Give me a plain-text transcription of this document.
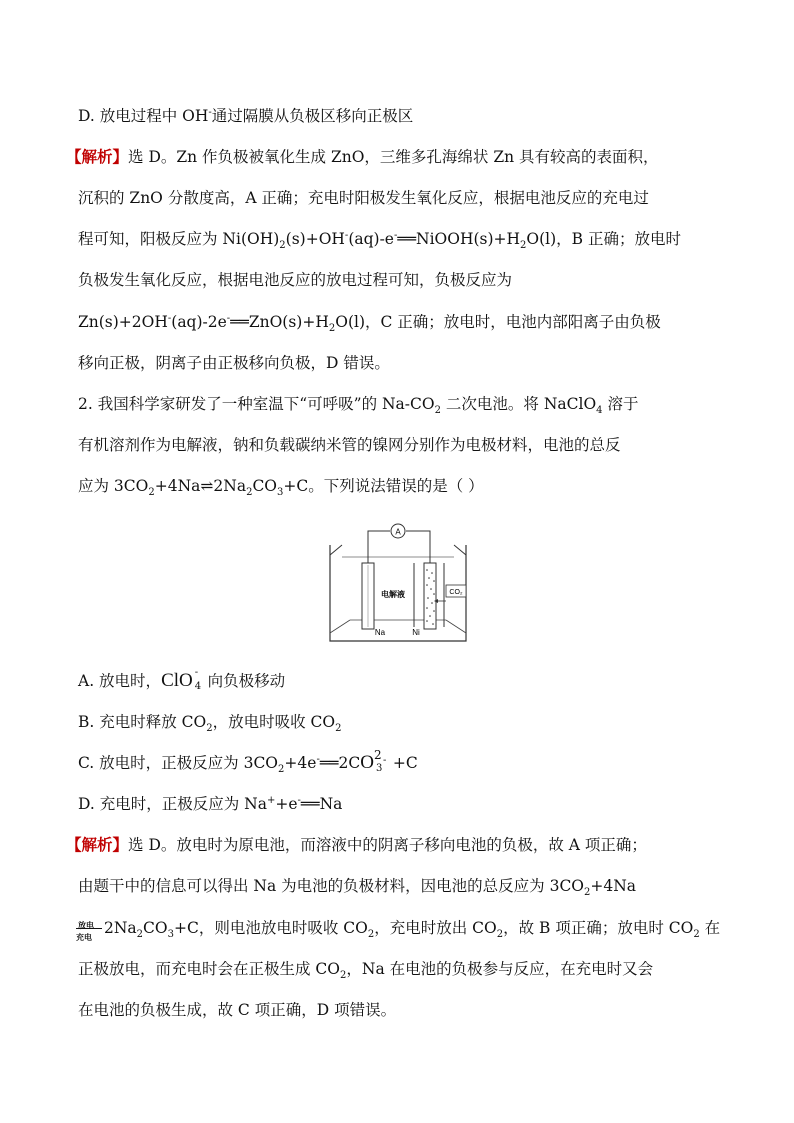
D. 放电过程中 OH-通过隔膜从负极区移向正极区
【解析】选 D。Zn 作负极被氧化生成 ZnO，三维多孔海绵状 Zn 具有较高的表面积，
沉积的 ZnO 分散度高，A 正确；充电时阳极发生氧化反应，根据电池反应的充电过
程可知，阳极反应为 $Ni(OH)_2(s)+OH^-(aq)-e^-══NiOOH(s)+H_2O(l)$，B 正确；放电时
负极发生氧化反应，根据电池反应的放电过程可知，负极反应为
$Zn(s)+2OH^-(aq)-2e^-══ZnO(s)+H_2O(l)$，C 正确；放电时，电池内部阳离子由负极
移向正极，阴离子由正极移向负极，D 错误。
2. 我国科学家研发了一种室温下“可呼吸”的 $Na-CO_2$ 二次电池。将 NaClO$_4$ 溶于
有机溶剂作为电解液，钠和负载碳纳米管的镍网分别作为电极材料，电池的总反
应为 $3CO_2+4Na\rightleftharpoons 2Na_2CO_3+C$。下列说法错误的是（ ）
A
CO₂
电解液
Na	Ni
A. 放电时，ClO -
4 向负极移动
B. 充电时释放 $CO_2$，放电时吸收 $CO_2$
C. 放电时，正极反应为 $3CO_2+4e^-══2CO$ 2
3
- +C
D. 充电时，正极反应为 Na++e-══Na
【解析】选 D。放电时为原电池，而溶液中的阴离子移向电池的负极，故 A 项正确；
由题干中的信息可以得出 Na 为电池的负极材料，因电池的总反应为 $3CO_2+4Na$
放电
充电 $2Na_2CO_3+C$，则电池放电时吸收 $CO_2$，充电时放出 $CO_2$，故 B 项正确；放电时 $CO_2$ 在
正极放电，而充电时会在正极生成 $CO_2$，Na 在电池的负极参与反应，在充电时又会
在电池的负极生成，故 C 项正确，D 项错误。
